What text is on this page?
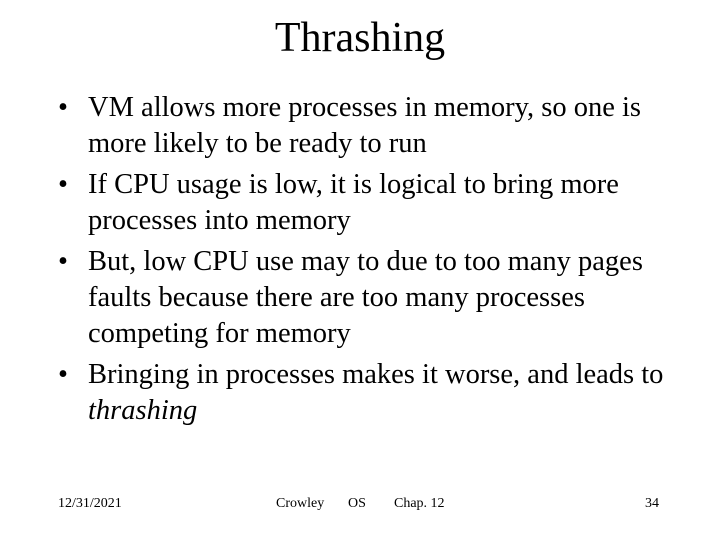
Thrashing
• VM allows more processes in memory, so one is more likely to be ready to run
• If CPU usage is low, it is logical to bring more processes into memory
• But, low CPU use may to due to too many pages faults because there are too many processes competing for memory
• Bringing in processes makes it worse, and leads to thrashing
12/31/2021	Crowley OS Chap. 12	34
